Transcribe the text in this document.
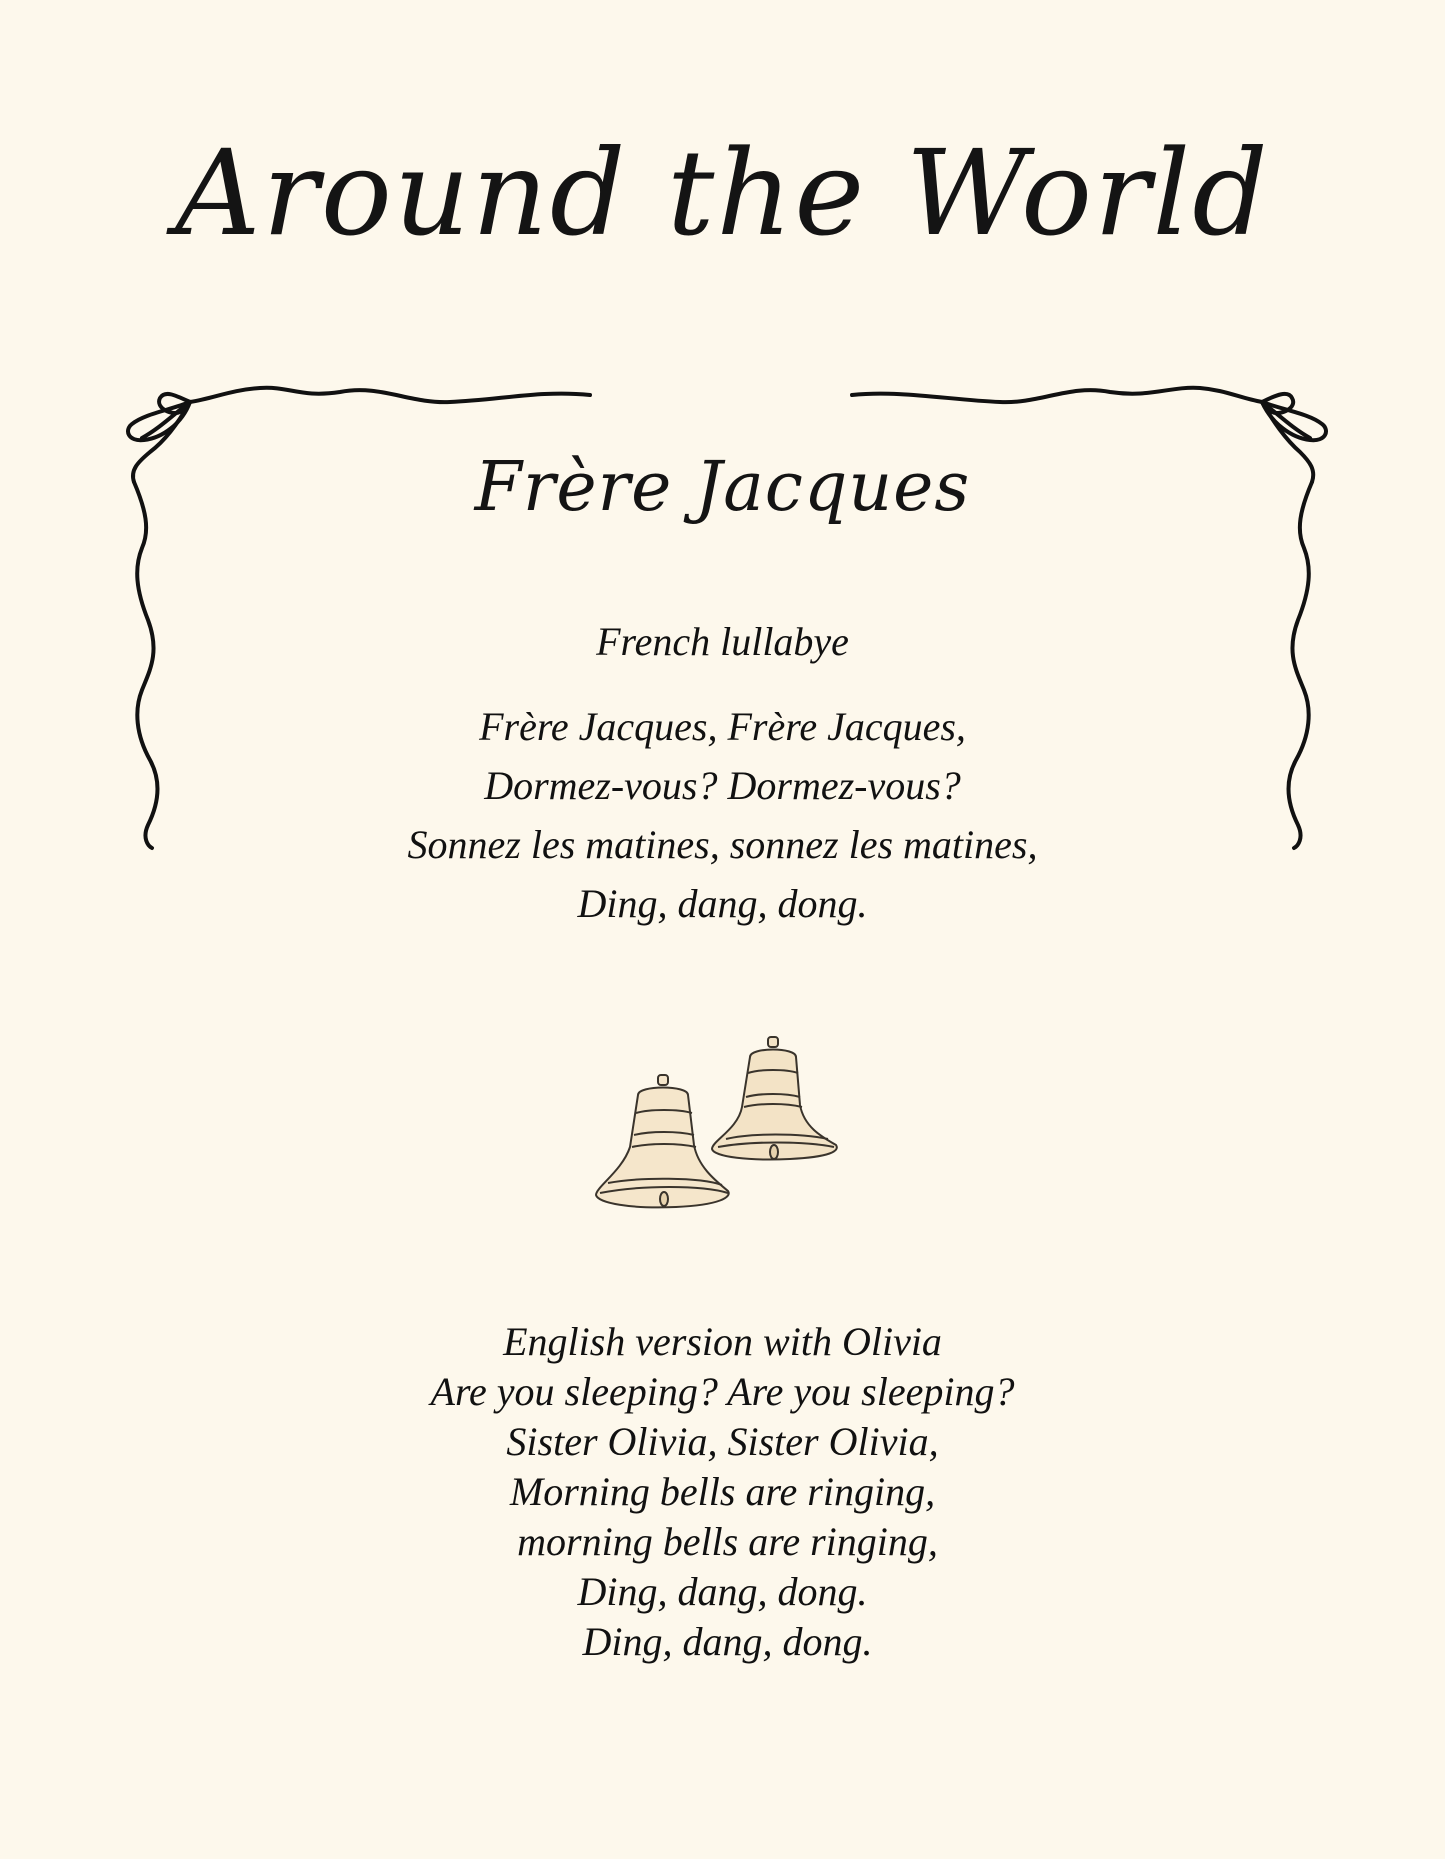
Around the World
Frère Jacques
French lullabye
Frère Jacques, Frère Jacques,
Dormez-vous? Dormez-vous?
Sonnez les matines, sonnez les matines,
Ding, dang, dong.
English version with Olivia
Are you sleeping? Are you sleeping?
Sister Olivia, Sister Olivia,
Morning bells are ringing,
morning bells are ringing,
Ding, dang, dong.
Ding, dang, dong.
